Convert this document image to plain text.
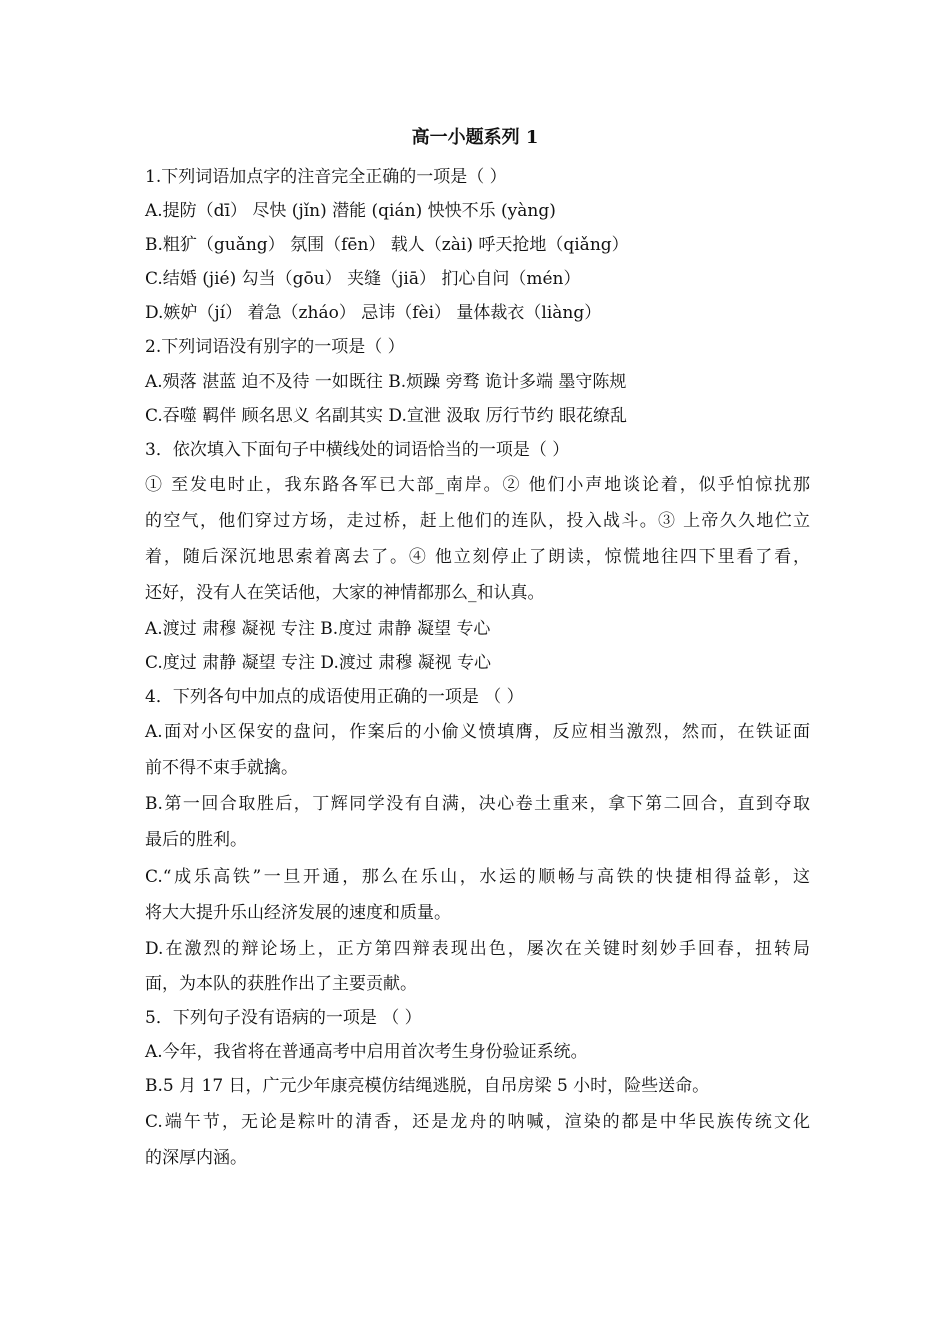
高一小题系列 1
1.下列词语加点字的注音完全正确的一项是（ ）
A.提防（dī） 尽快 (jǐn) 潜能 (qián) 怏怏不乐 (yàng)
B.粗犷（guǎng） 氛围（fēn） 载人（zài) 呼天抢地（qiǎng）
C.结婚 (jié) 勾当（gōu） 夹缝（jiā） 扪心自问（mén）
D.嫉妒（jí） 着急（zháo） 忌讳（fèi） 量体裁衣（liàng）
2.下列词语没有别字的一项是（ ）
A.殒落 湛蓝 迫不及待 一如既往 B.烦躁 旁骛 诡计多端 墨守陈规
C.吞噬 羁伴 顾名思义 名副其实 D.宣泄 汲取 厉行节约 眼花缭乱
3．依次填入下面句子中横线处的词语恰当的一项是（ ）
① 至发电时止，我东路各军已大部_南岸。② 他们小声地谈论着，似乎怕惊扰那
的空气，他们穿过方场，走过桥，赶上他们的连队，投入战斗。③ 上帝久久地伫立
着，随后深沉地思索着离去了。④ 他立刻停止了朗读，惊慌地往四下里看了看，
还好，没有人在笑话他，大家的神情都那么_和认真。
A.渡过 肃穆 凝视 专注 B.度过 肃静 凝望 专心
C.度过 肃静 凝望 专注 D.渡过 肃穆 凝视 专心
4．下列各句中加点的成语使用正确的一项是 （ ）
A.面对小区保安的盘问，作案后的小偷义愤填膺，反应相当激烈，然而，在铁证面
前不得不束手就擒。
B.第一回合取胜后，丁辉同学没有自满，决心卷土重来，拿下第二回合，直到夺取
最后的胜利。
C.“成乐高铁”一旦开通，那么在乐山，水运的顺畅与高铁的快捷相得益彰，这
将大大提升乐山经济发展的速度和质量。
D.在激烈的辩论场上，正方第四辩表现出色，屡次在关键时刻妙手回春，扭转局
面，为本队的获胜作出了主要贡献。
5．下列句子没有语病的一项是 （ ）
A.今年，我省将在普通高考中启用首次考生身份验证系统。
B.5 月 17 日，广元少年康亮模仿结绳逃脱，自吊房梁 5 小时，险些送命。
C.端午节，无论是粽叶的清香，还是龙舟的呐喊，渲染的都是中华民族传统文化
的深厚内涵。
